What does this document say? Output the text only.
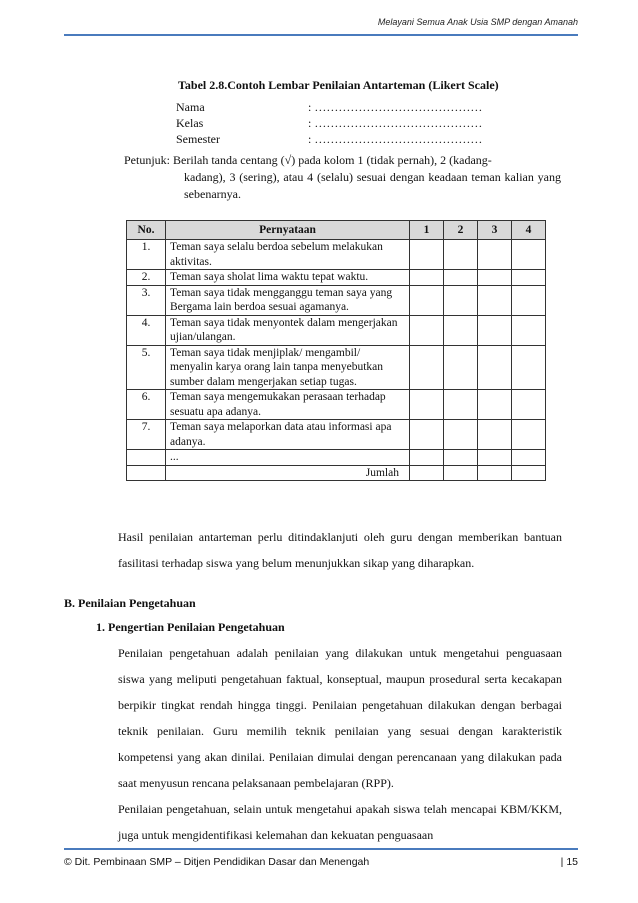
Melayani Semua Anak Usia SMP dengan Amanah
Tabel 2.8.Contoh Lembar Penilaian Antarteman (Likert Scale)
Nama	: ……………………………………
Kelas	: ……………………………………
Semester	: ……………………………………
Petunjuk: Berilah tanda centang (√) pada kolom 1 (tidak pernah), 2 (kadang-
kadang), 3 (sering), atau 4 (selalu) sesuai dengan keadaan teman kalian yang sebenarnya.
No.	Pernyataan	1	2	3	4
1.	Teman saya selalu berdoa sebelum melakukan aktivitas.				
2.	Teman saya sholat lima waktu tepat waktu.				
3.	Teman saya tidak mengganggu teman saya yang Bergama lain berdoa sesuai agamanya.				
4.	Teman saya tidak menyontek dalam mengerjakan ujian/ulangan.				
5.	Teman saya tidak menjiplak/ mengambil/ menyalin karya orang lain tanpa menyebutkan sumber dalam mengerjakan setiap tugas.				
6.	Teman saya mengemukakan perasaan terhadap sesuatu apa adanya.				
7.	Teman saya melaporkan data atau informasi apa adanya.				
	...				
	Jumlah				
Hasil penilaian antarteman perlu ditindaklanjuti oleh guru dengan memberikan bantuan fasilitasi terhadap siswa yang belum menunjukkan sikap yang diharapkan.
B. Penilaian Pengetahuan
1. Pengertian Penilaian Pengetahuan
Penilaian pengetahuan adalah penilaian yang dilakukan untuk mengetahui penguasaan siswa yang meliputi pengetahuan faktual, konseptual, maupun prosedural serta kecakapan berpikir tingkat rendah hingga tinggi. Penilaian pengetahuan dilakukan dengan berbagai teknik penilaian. Guru memilih teknik penilaian yang sesuai dengan karakteristik kompetensi yang akan dinilai. Penilaian dimulai dengan perencanaan yang dilakukan pada saat menyusun rencana pelaksanaan pembelajaran (RPP).
Penilaian pengetahuan, selain untuk mengetahui apakah siswa telah mencapai KBM/KKM, juga untuk mengidentifikasi kelemahan dan kekuatan penguasaan
© Dit. Pembinaan SMP – Ditjen Pendidikan Dasar dan Menengah	| 15
